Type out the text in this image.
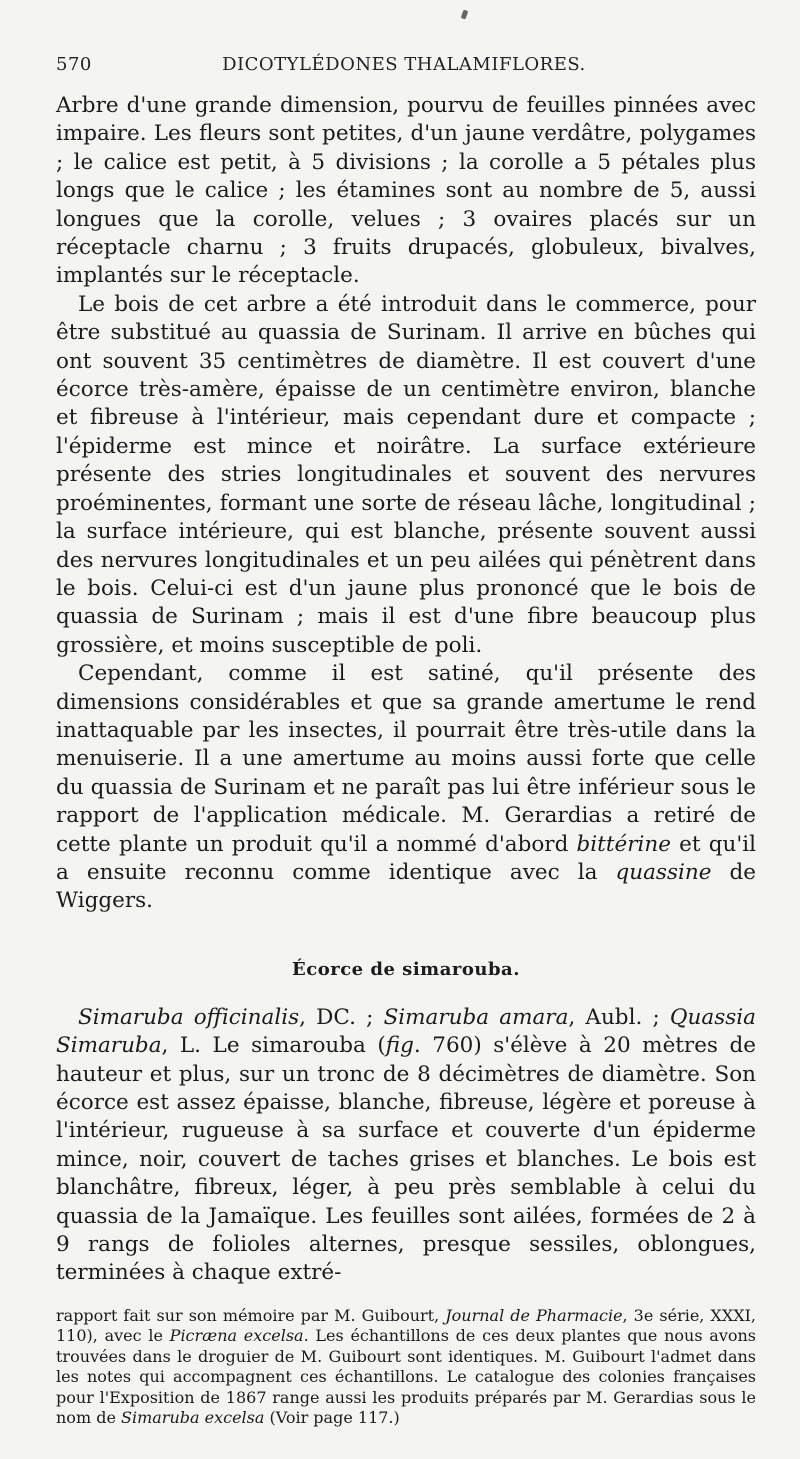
570	DICOTYLÉDONES THALAMIFLORES.

Arbre d'une grande dimension, pourvu de feuilles pinnées avec impaire. Les fleurs sont petites, d'un jaune verdâtre, polygames ; le calice est petit, à 5 divisions ; la corolle a 5 pétales plus longs que le calice ; les étamines sont au nombre de 5, aussi longues que la corolle, velues ; 3 ovaires placés sur un réceptacle charnu ; 3 fruits drupacés, globuleux, bivalves, implantés sur le réceptacle.

Le bois de cet arbre a été introduit dans le commerce, pour être substitué au quassia de Surinam. Il arrive en bûches qui ont souvent 35 centimètres de diamètre. Il est couvert d'une écorce très-amère, épaisse de un centimètre environ, blanche et fibreuse à l'intérieur, mais cependant dure et compacte ; l'épiderme est mince et noirâtre. La surface extérieure présente des stries longitudinales et souvent des nervures proéminentes, formant une sorte de réseau lâche, longitudinal ; la surface intérieure, qui est blanche, présente souvent aussi des nervures longitudinales et un peu ailées qui pénètrent dans le bois. Celui-ci est d'un jaune plus prononcé que le bois de quassia de Surinam ; mais il est d'une fibre beaucoup plus grossière, et moins susceptible de poli.

Cependant, comme il est satiné, qu'il présente des dimensions considérables et que sa grande amertume le rend inattaquable par les insectes, il pourrait être très-utile dans la menuiserie. Il a une amertume au moins aussi forte que celle du quassia de Surinam et ne paraît pas lui être inférieur sous le rapport de l'application médicale. M. Gerardias a retiré de cette plante un produit qu'il a nommé d'abord bittérine et qu'il a ensuite reconnu comme identique avec la quassine de Wiggers.

Écorce de simarouba.

Simaruba officinalis, DC. ; Simaruba amara, Aubl. ; Quassia Simaruba, L. Le simarouba (fig. 760) s'élève à 20 mètres de hauteur et plus, sur un tronc de 8 décimètres de diamètre. Son écorce est assez épaisse, blanche, fibreuse, légère et poreuse à l'intérieur, rugueuse à sa surface et couverte d'un épiderme mince, noir, couvert de taches grises et blanches. Le bois est blanchâtre, fibreux, léger, à peu près semblable à celui du quassia de la Jamaïque. Les feuilles sont ailées, formées de 2 à 9 rangs de folioles alternes, presque sessiles, oblongues, terminées à chaque extré-

rapport fait sur son mémoire par M. Guibourt, Journal de Pharmacie, 3e série, XXXI, 110), avec le Picræna excelsa. Les échantillons de ces deux plantes que nous avons trouvées dans le droguier de M. Guibourt sont identiques. M. Guibourt l'admet dans les notes qui accompagnent ces échantillons. Le catalogue des colonies françaises pour l'Exposition de 1867 range aussi les produits préparés par M. Gerardias sous le nom de Simaruba excelsa (Voir page 117.)
